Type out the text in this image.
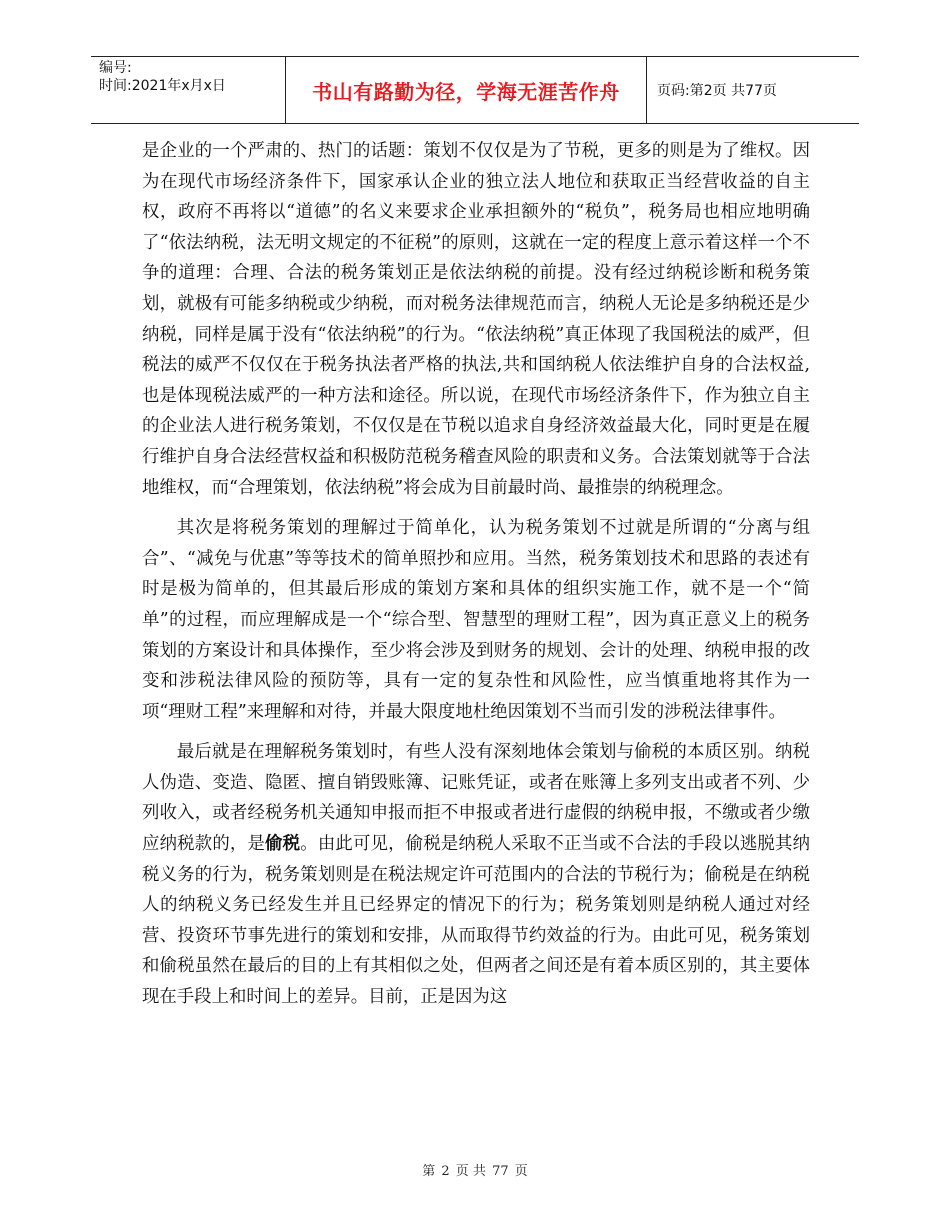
编号:
时间:2021年x月x日	书山有路勤为径，学海无涯苦作舟	页码:第2页 共77页

是企业的一个严肃的、热门的话题：策划不仅仅是为了节税，更多的则是为了维权。因为在现代市场经济条件下，国家承认企业的独立法人地位和获取正当经营收益的自主权，政府不再将以“道德”的名义来要求企业承担额外的“税负”，税务局也相应地明确了“依法纳税，法无明文规定的不征税”的原则，这就在一定的程度上意示着这样一个不争的道理：合理、合法的税务策划正是依法纳税的前提。没有经过纳税诊断和税务策划，就极有可能多纳税或少纳税，而对税务法律规范而言，纳税人无论是多纳税还是少纳税，同样是属于没有“依法纳税”的行为。“依法纳税”真正体现了我国税法的威严，但税法的威严不仅仅在于税务执法者严格的执法,共和国纳税人依法维护自身的合法权益,也是体现税法威严的一种方法和途径。所以说，在现代市场经济条件下，作为独立自主的企业法人进行税务策划，不仅仅是在节税以追求自身经济效益最大化，同时更是在履行维护自身合法经营权益和积极防范税务稽查风险的职责和义务。合法策划就等于合法地维权，而“合理策划，依法纳税”将会成为目前最时尚、最推崇的纳税理念。

其次是将税务策划的理解过于简单化，认为税务策划不过就是所谓的“分离与组合”、“减免与优惠”等等技术的简单照抄和应用。当然，税务策划技术和思路的表述有时是极为简单的，但其最后形成的策划方案和具体的组织实施工作，就不是一个“简单”的过程，而应理解成是一个“综合型、智慧型的理财工程”，因为真正意义上的税务策划的方案设计和具体操作，至少将会涉及到财务的规划、会计的处理、纳税申报的改变和涉税法律风险的预防等，具有一定的复杂性和风险性，应当慎重地将其作为一项“理财工程”来理解和对待，并最大限度地杜绝因策划不当而引发的涉税法律事件。

最后就是在理解税务策划时，有些人没有深刻地体会策划与偷税的本质区别。纳税人伪造、变造、隐匿、擅自销毁账簿、记账凭证，或者在账簿上多列支出或者不列、少列收入，或者经税务机关通知申报而拒不申报或者进行虚假的纳税申报，不缴或者少缴应纳税款的，是偷税。由此可见，偷税是纳税人采取不正当或不合法的手段以逃脱其纳税义务的行为，税务策划则是在税法规定许可范围内的合法的节税行为；偷税是在纳税人的纳税义务已经发生并且已经界定的情况下的行为；税务策划则是纳税人通过对经营、投资环节事先进行的策划和安排，从而取得节约效益的行为。由此可见，税务策划和偷税虽然在最后的目的上有其相似之处，但两者之间还是有着本质区别的，其主要体现在手段上和时间上的差异。目前，正是因为这

第 2 页 共 77 页
